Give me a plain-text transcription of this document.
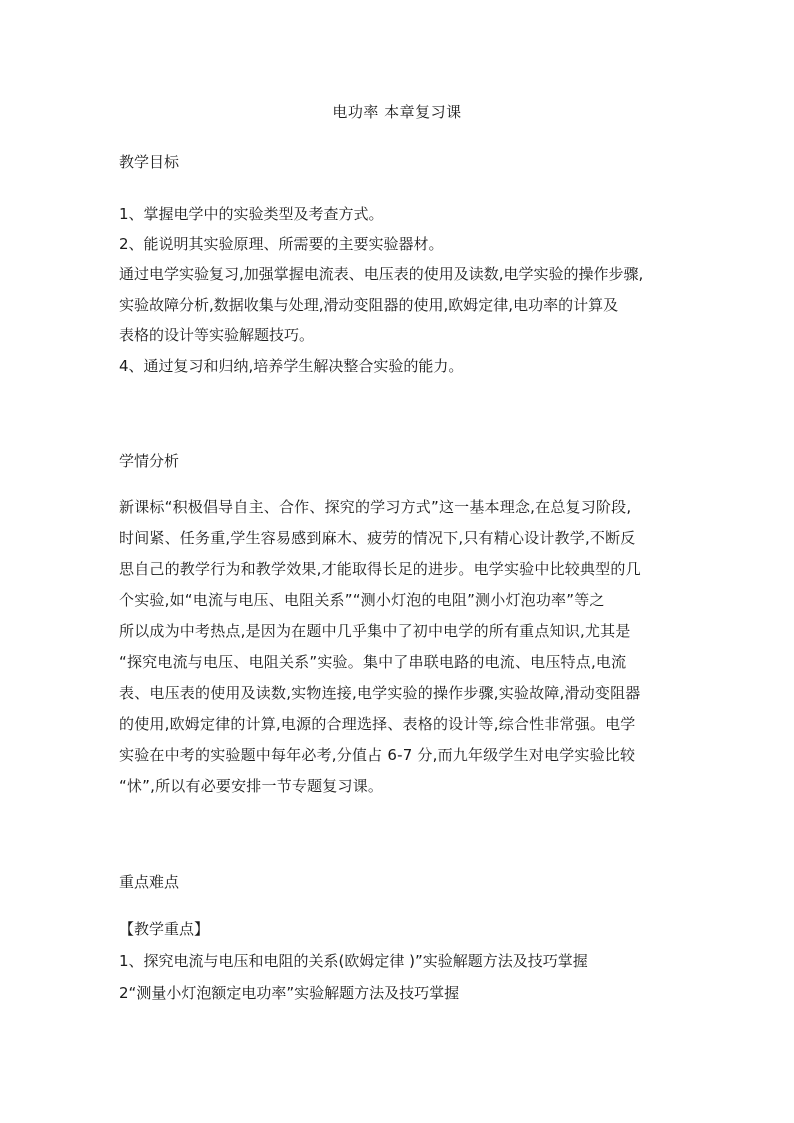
电功率 本章复习课
教学目标
1、掌握电学中的实验类型及考查方式。
2、能说明其实验原理、所需要的主要实验器材。
通过电学实验复习,加强掌握电流表、电压表的使用及读数,电学实验的操作步骤,
实验故障分析,数据收集与处理,滑动变阻器的使用,欧姆定律,电功率的计算及
表格的设计等实验解题技巧。
4、通过复习和归纳,培养学生解决整合实验的能力。
学情分析
新课标“积极倡导自主、合作、探究的学习方式”这一基本理念,在总复习阶段,
时间紧、任务重,学生容易感到麻木、疲劳的情况下,只有精心设计教学,不断反
思自己的教学行为和教学效果,才能取得长足的进步。电学实验中比较典型的几
个实验,如“电流与电压、电阻关系”“测小灯泡的电阻”测小灯泡功率”等之
所以成为中考热点,是因为在题中几乎集中了初中电学的所有重点知识,尤其是
“探究电流与电压、电阻关系”实验。集中了串联电路的电流、电压特点,电流
表、电压表的使用及读数,实物连接,电学实验的操作步骤,实验故障,滑动变阻器
的使用,欧姆定律的计算,电源的合理选择、表格的设计等,综合性非常强。电学
实验在中考的实验题中每年必考,分值占 6-7 分,而九年级学生对电学实验比较
“怵”,所以有必要安排一节专题复习课。
重点难点
【教学重点】
1、探究电流与电压和电阻的关系(欧姆定律 )”实验解题方法及技巧掌握
2“测量小灯泡额定电功率”实验解题方法及技巧掌握
